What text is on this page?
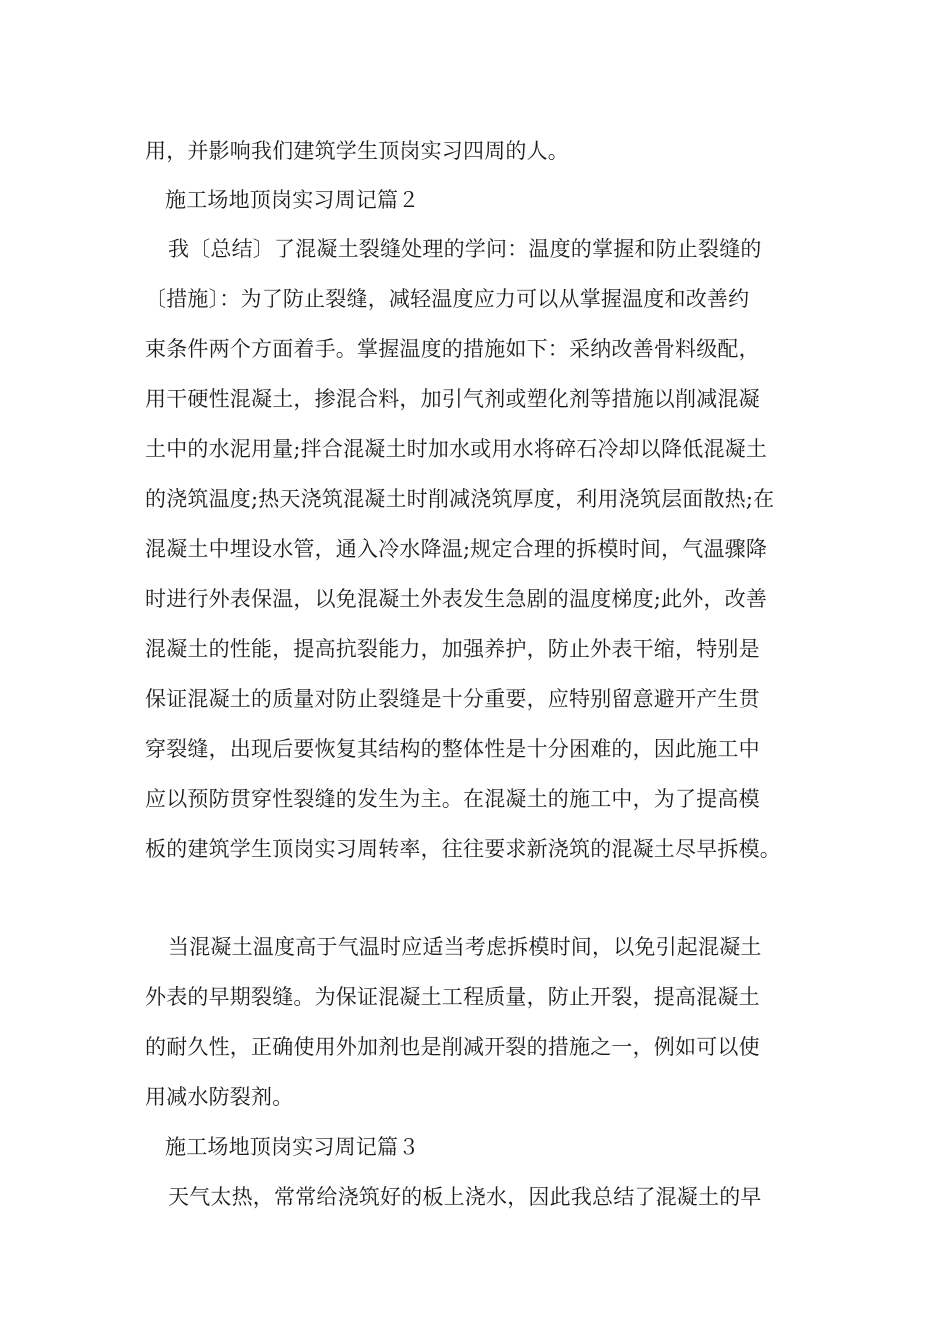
用，并影响我们建筑学生顶岗实习四周的人。
施工场地顶岗实习周记篇２
我〔总结〕了混凝土裂缝处理的学问：温度的掌握和防止裂缝的
〔措施〕：为了防止裂缝，减轻温度应力可以从掌握温度和改善约
束条件两个方面着手。掌握温度的措施如下：采纳改善骨料级配，
用干硬性混凝土，掺混合料，加引气剂或塑化剂等措施以削减混凝
土中的水泥用量;拌合混凝土时加水或用水将碎石冷却以降低混凝土
的浇筑温度;热天浇筑混凝土时削减浇筑厚度，利用浇筑层面散热;在
混凝土中埋设水管，通入冷水降温;规定合理的拆模时间，气温骤降
时进行外表保温，以免混凝土外表发生急剧的温度梯度;此外，改善
混凝土的性能，提高抗裂能力，加强养护，防止外表干缩，特别是
保证混凝土的质量对防止裂缝是十分重要，应特别留意避开产生贯
穿裂缝，出现后要恢复其结构的整体性是十分困难的，因此施工中
应以预防贯穿性裂缝的发生为主。在混凝土的施工中，为了提高模
板的建筑学生顶岗实习周转率，往往要求新浇筑的混凝土尽早拆模。
当混凝土温度高于气温时应适当考虑拆模时间，以免引起混凝土
外表的早期裂缝。为保证混凝土工程质量，防止开裂，提高混凝土
的耐久性，正确使用外加剂也是削减开裂的措施之一，例如可以使
用减水防裂剂。
施工场地顶岗实习周记篇３
天气太热，常常给浇筑好的板上浇水，因此我总结了混凝土的早
